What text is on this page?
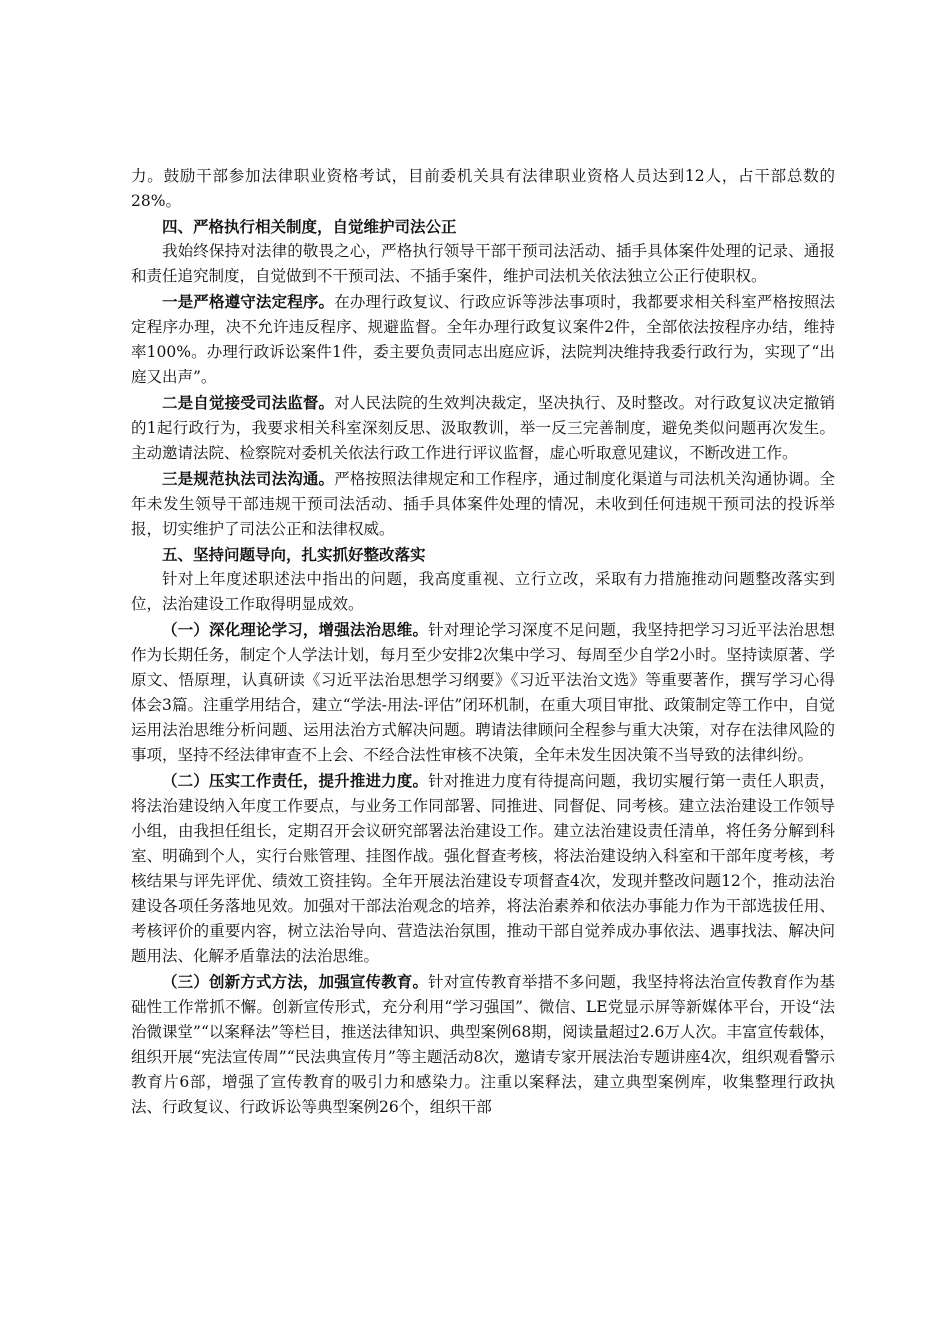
力。鼓励干部参加法律职业资格考试，目前委机关具有法律职业资格人员达到12人，占干部总数的28%。

四、严格执行相关制度，自觉维护司法公正

我始终保持对法律的敬畏之心，严格执行领导干部干预司法活动、插手具体案件处理的记录、通报和责任追究制度，自觉做到不干预司法、不插手案件，维护司法机关依法独立公正行使职权。

一是严格遵守法定程序。在办理行政复议、行政应诉等涉法事项时，我都要求相关科室严格按照法定程序办理，决不允许违反程序、规避监督。全年办理行政复议案件2件，全部依法按程序办结，维持率100%。办理行政诉讼案件1件，委主要负责同志出庭应诉，法院判决维持我委行政行为，实现了“出庭又出声”。

二是自觉接受司法监督。对人民法院的生效判决裁定，坚决执行、及时整改。对行政复议决定撤销的1起行政行为，我要求相关科室深刻反思、汲取教训，举一反三完善制度，避免类似问题再次发生。主动邀请法院、检察院对委机关依法行政工作进行评议监督，虚心听取意见建议，不断改进工作。

三是规范执法司法沟通。严格按照法律规定和工作程序，通过制度化渠道与司法机关沟通协调。全年未发生领导干部违规干预司法活动、插手具体案件处理的情况，未收到任何违规干预司法的投诉举报，切实维护了司法公正和法律权威。

五、坚持问题导向，扎实抓好整改落实

针对上年度述职述法中指出的问题，我高度重视、立行立改，采取有力措施推动问题整改落实到位，法治建设工作取得明显成效。

（一）深化理论学习，增强法治思维。针对理论学习深度不足问题，我坚持把学习习近平法治思想作为长期任务，制定个人学法计划，每月至少安排2次集中学习、每周至少自学2小时。坚持读原著、学原文、悟原理，认真研读《习近平法治思想学习纲要》《习近平法治文选》等重要著作，撰写学习心得体会3篇。注重学用结合，建立“学法-用法-评估”闭环机制，在重大项目审批、政策制定等工作中，自觉运用法治思维分析问题、运用法治方式解决问题。聘请法律顾问全程参与重大决策，对存在法律风险的事项，坚持不经法律审查不上会、不经合法性审核不决策，全年未发生因决策不当导致的法律纠纷。

（二）压实工作责任，提升推进力度。针对推进力度有待提高问题，我切实履行第一责任人职责，将法治建设纳入年度工作要点，与业务工作同部署、同推进、同督促、同考核。建立法治建设工作领导小组，由我担任组长，定期召开会议研究部署法治建设工作。建立法治建设责任清单，将任务分解到科室、明确到个人，实行台账管理、挂图作战。强化督查考核，将法治建设纳入科室和干部年度考核，考核结果与评先评优、绩效工资挂钩。全年开展法治建设专项督查4次，发现并整改问题12个，推动法治建设各项任务落地见效。加强对干部法治观念的培养，将法治素养和依法办事能力作为干部选拔任用、考核评价的重要内容，树立法治导向、营造法治氛围，推动干部自觉养成办事依法、遇事找法、解决问题用法、化解矛盾靠法的法治思维。

（三）创新方式方法，加强宣传教育。针对宣传教育举措不多问题，我坚持将法治宣传教育作为基础性工作常抓不懈。创新宣传形式，充分利用“学习强国”、微信、LE党显示屏等新媒体平台，开设“法治微课堂”“以案释法”等栏目，推送法律知识、典型案例68期，阅读量超过2.6万人次。丰富宣传载体，组织开展“宪法宣传周”“民法典宣传月”等主题活动8次，邀请专家开展法治专题讲座4次，组织观看警示教育片6部，增强了宣传教育的吸引力和感染力。注重以案释法，建立典型案例库，收集整理行政执法、行政复议、行政诉讼等典型案例26个，组织干部
